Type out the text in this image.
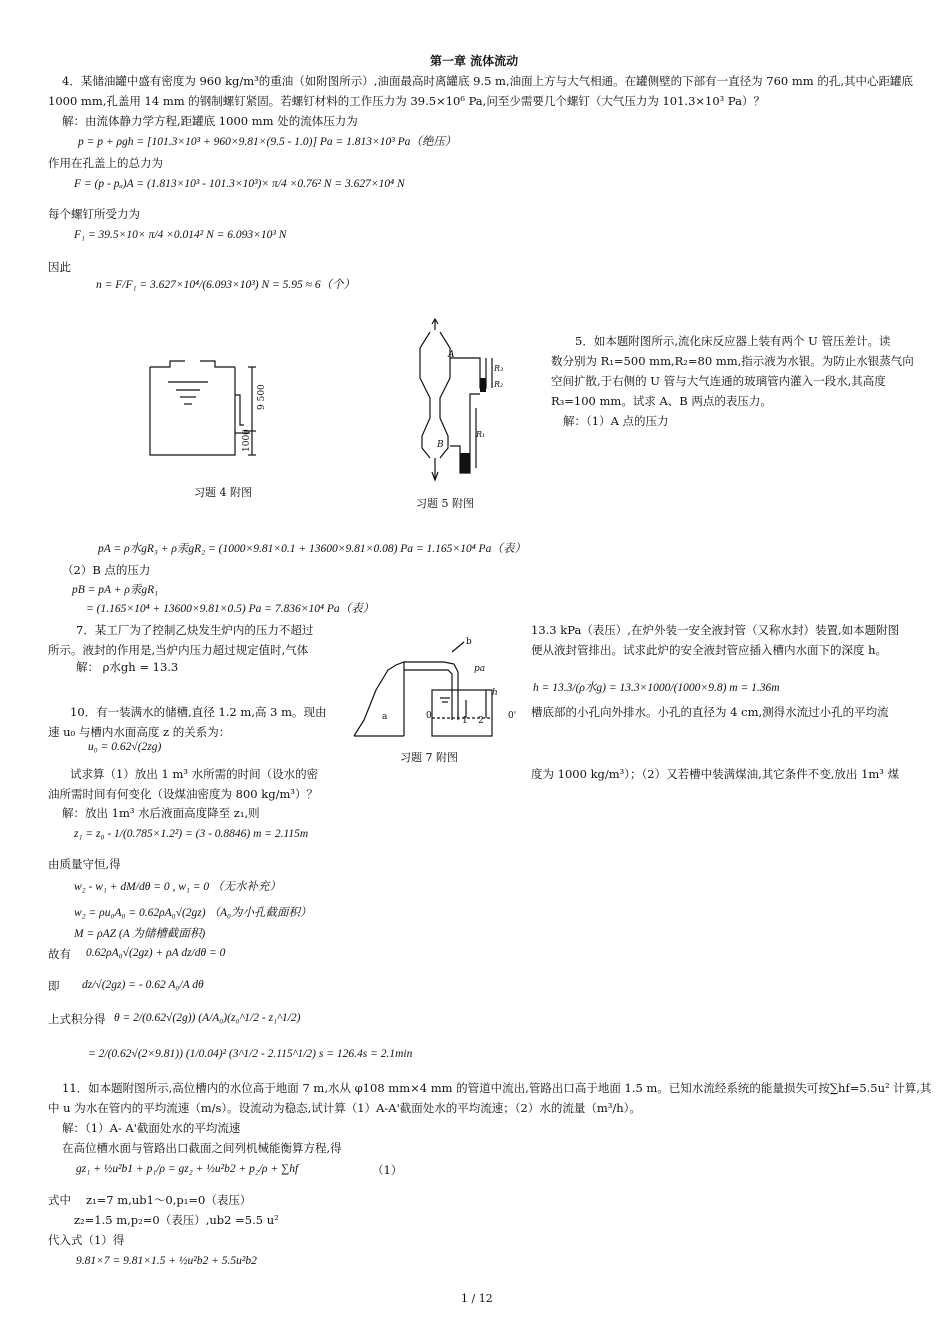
第一章 流体流动
4．某储油罐中盛有密度为 960 kg/m³的重油（如附图所示）,油面最高时离罐底 9.5 m,油面上方与大气相通。在罐侧壁的下部有一直径为 760 mm 的孔,其中心距罐底
1000 mm,孔盖用 14 mm 的钢制螺钉紧固。若螺钉材料的工作压力为 39.5×10⁶ Pa,问至少需要几个螺钉（大气压力为 101.3×10³ Pa）？
解：由流体静力学方程,距罐底 1000 mm 处的流体压力为
p = p + ρgh = [101.3×10³ + 960×9.81×(9.5 - 1.0)] Pa = 1.813×10³ Pa（绝压）
作用在孔盖上的总力为
F = (p - pₐ)A = (1.813×10³ - 101.3×10³)× π/4 ×0.76² N = 3.627×10⁴ N
每个螺钉所受力为
F₁ = 39.5×10× π/4 ×0.014² N = 6.093×10³ N
因此
n = F/F₁ = 3.627×10⁴/(6.093×10³) N = 5.95 ≈ 6（个）
9 500
1000
习题 4 附图
A
B
R₃
R₂
R₁
习题 5 附图
5．如本题附图所示,流化床反应器上装有两个 U 管压差计。读
数分别为 R₁=500 mm,R₂=80 mm,指示液为水银。为防止水银蒸气向
空间扩散,于右侧的 U 管与大气连通的玻璃管内灌入一段水,其高度
R₃=100 mm。试求 A、B 两点的表压力。
解：（1）A 点的压力
pA = ρ水gR₃ + ρ汞gR₂ = (1000×9.81×0.1 + 13600×9.81×0.08) Pa = 1.165×10⁴ Pa（表）
（2）B 点的压力
pB = pA + ρ汞gR₁
= (1.165×10⁴ + 13600×9.81×0.5) Pa = 7.836×10⁴ Pa（表）
7．某工厂为了控制乙炔发生炉内的压力不超过
所示。液封的作用是,当炉内压力超过规定值时,气体
解： ρ水gh = 13.3
13.3 kPa（表压）,在炉外装一安全液封管（又称水封）装置,如本题附图
便从液封管排出。试求此炉的安全液封管应插入槽内水面下的深度 h。
h = 13.3/(ρ水g) = 13.3×1000/(1000×9.8) m = 1.36m
a
b
pa
h
0	0'
1 2
习题 7 附图
10．有一装满水的储槽,直径 1.2 m,高 3 m。现由
速 u₀ 与槽内水面高度 z 的关系为：
u₀ = 0.62√(2zg)
槽底部的小孔向外排水。小孔的直径为 4 cm,测得水流过小孔的平均流
试求算（1）放出 1 m³ 水所需的时间（设水的密
油所需时间有何变化（设煤油密度为 800 kg/m³）？
度为 1000 kg/m³）；（2）又若槽中装满煤油,其它条件不变,放出 1m³ 煤
解：放出 1m³ 水后液面高度降至 z₁,则
z₁ = z₀ - 1/(0.785×1.2²) = (3 - 0.8846) m = 2.115m
由质量守恒,得
w₂ - w₁ + dM/dθ = 0 , w₁ = 0 （无水补充）
w₂ = ρu₀A₀ = 0.62ρA₀√(2gz) （A₀为小孔截面积）
M = ρAZ (A 为储槽截面积)
故有 0.62ρA₀√(2gz) + ρA dz/dθ = 0
即 dz/√(2gz) = - 0.62 A₀/A dθ
上式积分得 θ = 2/(0.62√(2g)) (A/A₀)(z₀^1/2 - z₁^1/2)
= 2/(0.62√(2×9.81)) (1/0.04)² (3^1/2 - 2.115^1/2) s = 126.4s = 2.1min
11．如本题附图所示,高位槽内的水位高于地面 7 m,水从 φ108 mm×4 mm 的管道中流出,管路出口高于地面 1.5 m。已知水流经系统的能量损失可按∑hf=5.5u² 计算,其
中 u 为水在管内的平均流速（m/s）。设流动为稳态,试计算（1）A-A'截面处水的平均流速；（2）水的流量（m³/h）。
解：（1）A- A'截面处水的平均流速
在高位槽水面与管路出口截面之间列机械能衡算方程,得
gz₁ + ½u²b1 + p₁/ρ = gz₂ + ½u²b2 + p₂/ρ + ∑hf	（1）
式中 z₁=7 m,ub1～0,p₁=0（表压）
z₂=1.5 m,p₂=0（表压）,ub2 =5.5 u²
代入式（1）得
9.81×7 = 9.81×1.5 + ½u²b2 + 5.5u²b2
1 / 12
